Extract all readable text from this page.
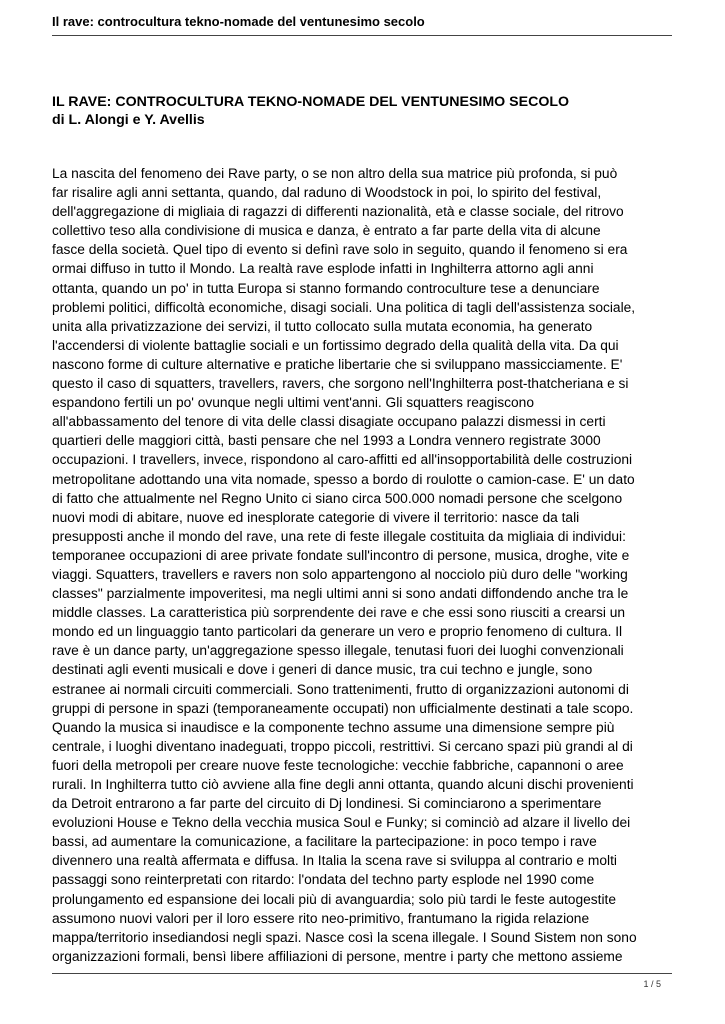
Il rave: controcultura tekno-nomade del ventunesimo secolo
IL RAVE: CONTROCULTURA TEKNO-NOMADE DEL VENTUNESIMO SECOLO
di L. Alongi e Y. Avellis
La nascita del fenomeno dei Rave party, o se non altro della sua matrice più profonda, si può
far risalire agli anni settanta, quando, dal raduno di Woodstock in poi, lo spirito del festival,
dell'aggregazione di migliaia di ragazzi di differenti nazionalità, età e classe sociale, del ritrovo
collettivo teso alla condivisione di musica e danza, è entrato a far parte della vita di alcune
fasce della società. Quel tipo di evento si definì rave solo in seguito, quando il fenomeno si era
ormai diffuso in tutto il Mondo. La realtà rave esplode infatti in Inghilterra attorno agli anni
ottanta, quando un po' in tutta Europa si stanno formando controculture tese a denunciare
problemi politici, difficoltà economiche, disagi sociali. Una politica di tagli dell'assistenza sociale,
unita alla privatizzazione dei servizi, il tutto collocato sulla mutata economia, ha generato
l'accendersi di violente battaglie sociali e un fortissimo degrado della qualità della vita. Da qui
nascono forme di culture alternative e pratiche libertarie che si sviluppano massicciamente. E'
questo il caso di squatters, travellers, ravers, che sorgono nell'Inghilterra post-thatcheriana e si
espandono fertili un po' ovunque negli ultimi vent'anni. Gli squatters reagiscono
all'abbassamento del tenore di vita delle classi disagiate occupano palazzi dismessi in certi
quartieri delle maggiori città, basti pensare che nel 1993 a Londra vennero registrate 3000
occupazioni. I travellers, invece, rispondono al caro-affitti ed all'insopportabilità delle costruzioni
metropolitane adottando una vita nomade, spesso a bordo di roulotte o camion-case. E' un dato
di fatto che attualmente nel Regno Unito ci siano circa 500.000 nomadi persone che scelgono
nuovi modi di abitare, nuove ed inesplorate categorie di vivere il territorio: nasce da tali
presupposti anche il mondo del rave, una rete di feste illegale costituita da migliaia di individui:
temporanee occupazioni di aree private fondate sull'incontro di persone, musica, droghe, vite e
viaggi. Squatters, travellers e ravers non solo appartengono al nocciolo più duro delle "working
classes" parzialmente impoveritesi, ma negli ultimi anni si sono andati diffondendo anche tra le
middle classes. La caratteristica più sorprendente dei rave e che essi sono riusciti a crearsi un
mondo ed un linguaggio tanto particolari da generare un vero e proprio fenomeno di cultura. Il
rave è un dance party, un'aggregazione spesso illegale, tenutasi fuori dei luoghi convenzionali
destinati agli eventi musicali e dove i generi di dance music, tra cui techno e jungle, sono
estranee ai normali circuiti commerciali. Sono trattenimenti, frutto di organizzazioni autonomi di
gruppi di persone in spazi (temporaneamente occupati) non ufficialmente destinati a tale scopo.
Quando la musica si inaudisce e la componente techno assume una dimensione sempre più
centrale, i luoghi diventano inadeguati, troppo piccoli, restrittivi. Si cercano spazi più grandi al di
fuori della metropoli per creare nuove feste tecnologiche: vecchie fabbriche, capannoni o aree
rurali. In Inghilterra tutto ciò avviene alla fine degli anni ottanta, quando alcuni dischi provenienti
da Detroit entrarono a far parte del circuito di Dj londinesi. Si cominciarono a sperimentare
evoluzioni House e Tekno della vecchia musica Soul e Funky; si cominciò ad alzare il livello dei
bassi, ad aumentare la comunicazione, a facilitare la partecipazione: in poco tempo i rave
divennero una realtà affermata e diffusa. In Italia la scena rave si sviluppa al contrario e molti
passaggi sono reinterpretati con ritardo: l'ondata del techno party esplode nel 1990 come
prolungamento ed espansione dei locali più di avanguardia; solo più tardi le feste autogestite
assumono nuovi valori per il loro essere rito neo-primitivo, frantumano la rigida relazione
mappa/territorio insediandosi negli spazi. Nasce così la scena illegale. I Sound Sistem non sono
organizzazioni formali, bensì libere affiliazioni di persone, mentre i party che mettono assieme
1 / 5
